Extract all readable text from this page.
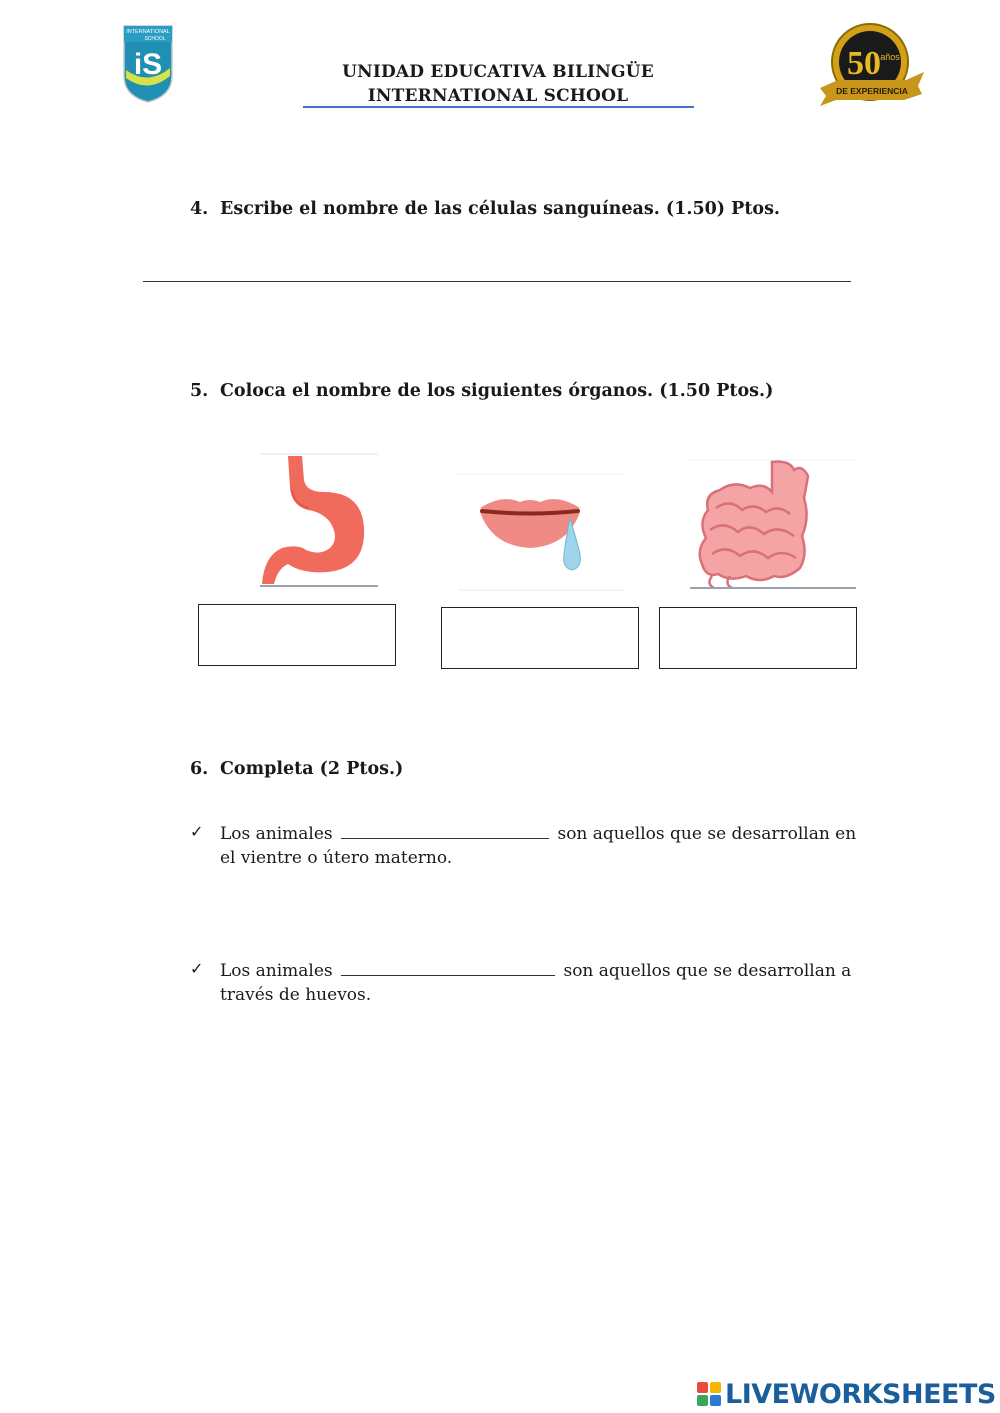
INTERNATIONAL
SCHOOL
iS	UNIDAD EDUCATIVA BILINGÜE
INTERNATIONAL SCHOOL
50 años
DE EXPERIENCIA
4. Escribe el nombre de las células sanguíneas. (1.50) Ptos.
5. Coloca el nombre de los siguientes órganos. (1.50 Ptos.)
6. Completa (2 Ptos.)
✓ Los animales	son aquellos que se desarrollan en
el vientre o útero materno.
✓ Los animales	son aquellos que se desarrollan a
través de huevos.
LIVEWORKSHEETS
